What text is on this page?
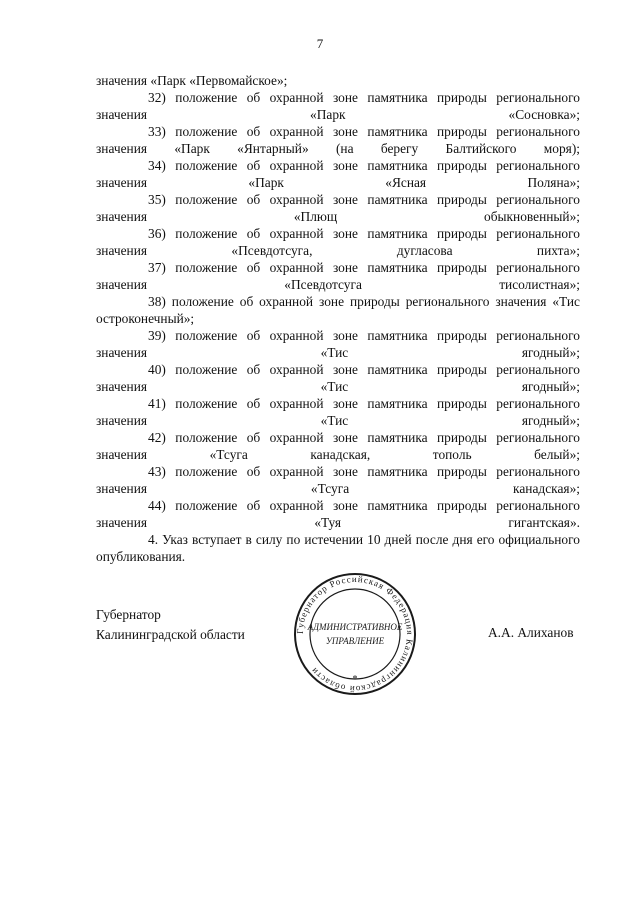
7

значения «Парк «Первомайское»;

32) положение об охранной зоне памятника природы регионального значения «Парк «Сосновка»;

33) положение об охранной зоне памятника природы регионального значения «Парк «Янтарный» (на берегу Балтийского моря);

34) положение об охранной зоне памятника природы регионального значения «Парк «Ясная Поляна»;

35) положение об охранной зоне памятника природы регионального значения «Плющ обыкновенный»;

36) положение об охранной зоне памятника природы регионального значения «Псевдотсуга, дугласова пихта»;

37) положение об охранной зоне памятника природы регионального значения «Псевдотсуга тисолистная»;

38) положение об охранной зоне природы регионального значения «Тис остроконечный»;

39) положение об охранной зоне памятника природы регионального значения «Тис ягодный»;

40) положение об охранной зоне памятника природы регионального значения «Тис ягодный»;

41) положение об охранной зоне памятника природы регионального значения «Тис ягодный»;

42) положение об охранной зоне памятника природы регионального значения «Тсуга канадская, тополь белый»;

43) положение об охранной зоне памятника природы регионального значения «Тсуга канадская»;

44) положение об охранной зоне памятника природы регионального значения «Туя гигантская».

4. Указ вступает в силу по истечении 10 дней после дня его официального опубликования.

Губернатор
Калининградской области	Губернатор Российская Федерация Калининградской области
АДМИНИСТРАТИВНОЕ
УПРАВЛЕНИЕ
*
А.А. Алиханов
